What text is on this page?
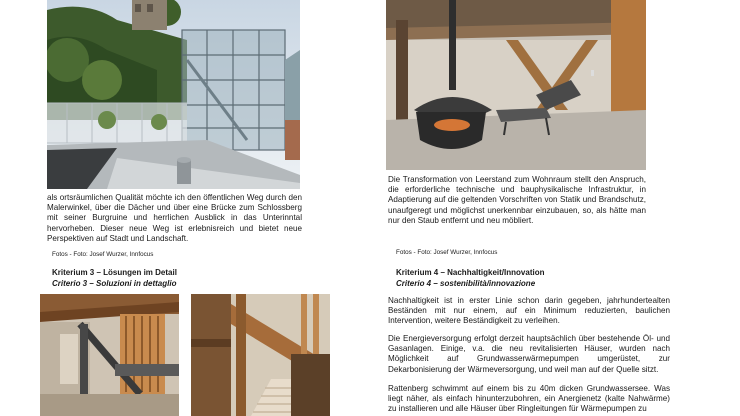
als ortsräumlichen Qualität möchte ich den öffentlichen Weg durch den Malerwinkel, über die Dächer und über eine Brücke zum Schlossberg mit seiner Burgruine und herrlichen Ausblick in das Unterinntal hervorheben. Dieser neue Weg ist erlebnisreich und bietet neue Perspektiven auf Stadt und Landschaft.

Fotos - Foto: Josef Wurzer, Innfocus

Kriterium 3 – Lösungen im Detail

Criterio 3 – Soluzioni in dettaglio

Die Transformation von Leerstand zum Wohnraum stellt den Anspruch, die erforderliche technische und bauphysikalische Infrastruktur, in Adaptierung auf die geltenden Vorschriften von Statik und Brandschutz, unaufgeregt und möglichst unerkennbar einzubauen, so, als hätte man nur den Staub entfernt und neu möbliert.

Fotos - Foto: Josef Wurzer, Innfocus

Kriterium 4 – Nachhaltigkeit/Innovation

Criterio 4 – sostenibilità/innovazione

Nachhaltigkeit ist in erster Linie schon darin gegeben, jahrhundertealten Beständen mit nur einem, auf ein Minimum reduzierten, baulichen Intervention, weitere Beständigkeit zu verleihen.

Die Energieversorgung erfolgt derzeit hauptsächlich über bestehende Öl- und Gasanlagen. Einige, v.a. die neu revitalisierten Häuser, wurden nach Möglichkeit auf Grundwasserwärmepumpen umgerüstet, zur Dekarbonisierung der Wärmeversorgung, und weil man auf der Quelle sitzt.

Rattenberg schwimmt auf einem bis zu 40m dicken Grundwassersee. Was liegt näher, als einfach hinunterzubohren, ein Anergienetz (kalte Nahwärme) zu installieren und alle Häuser über Ringleitungen für Wärmepumpen zu
